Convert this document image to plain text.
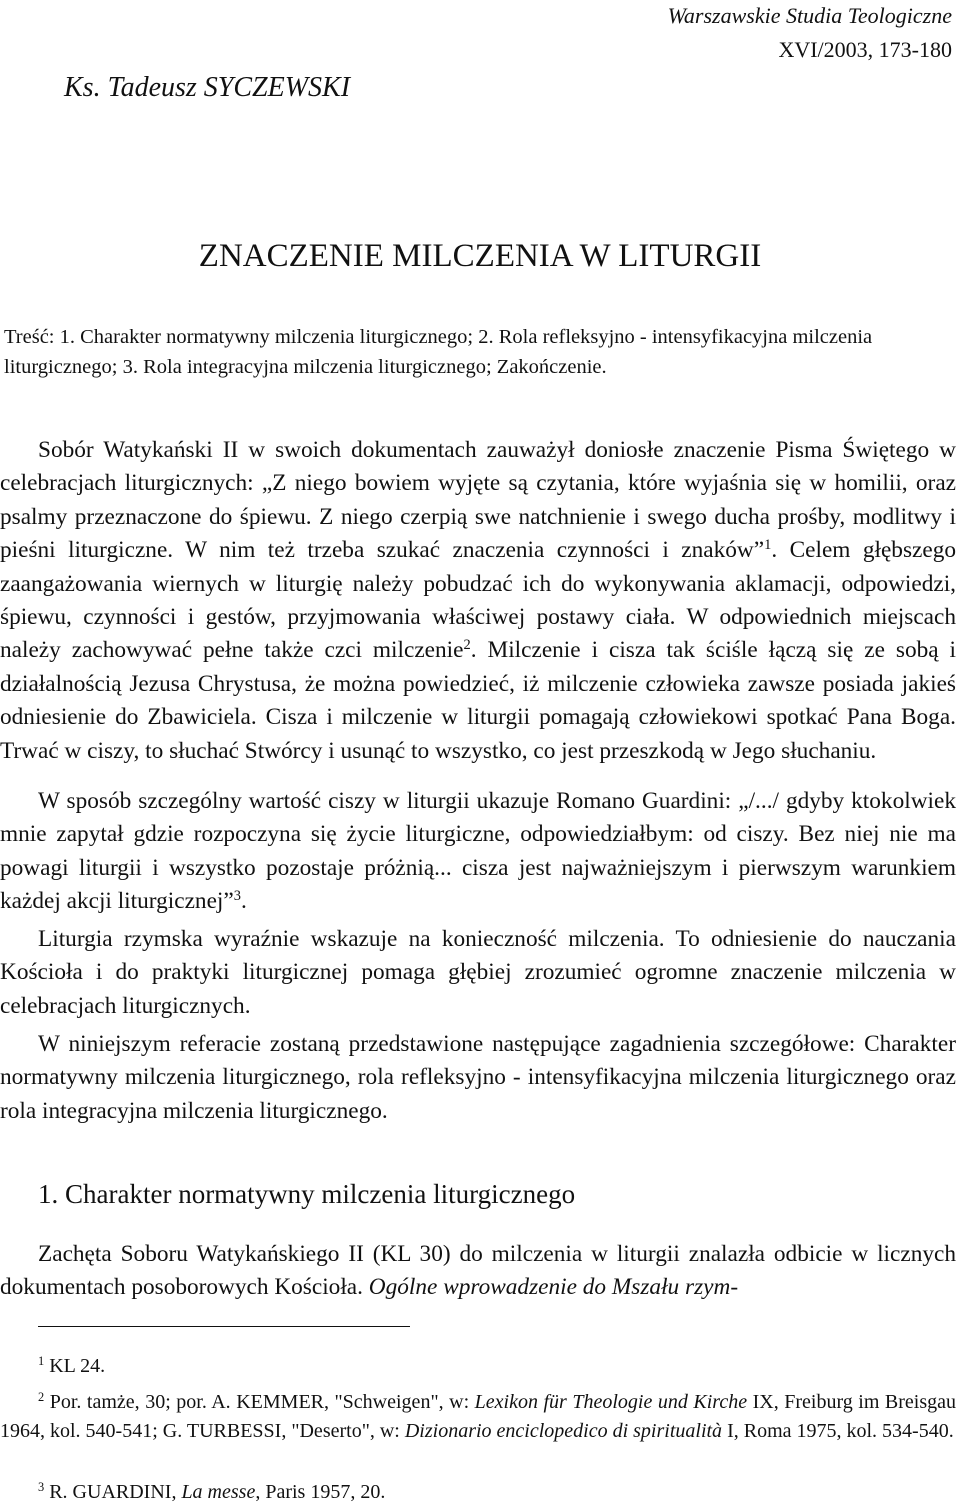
Warszawskie Studia Teologiczne
XVI/2003, 173-180
Ks. Tadeusz SYCZEWSKI
ZNACZENIE MILCZENIA W LITURGII
Treść: 1. Charakter normatywny milczenia liturgicznego; 2. Rola refleksyjno - intensyfikacyjna milczenia liturgicznego; 3. Rola integracyjna milczenia liturgicznego; Zakończenie.

Sobór Watykański II w swoich dokumentach zauważył doniosłe znaczenie Pisma Świętego w celebracjach liturgicznych: „Z niego bowiem wyjęte są czytania, które wyjaśnia się w homilii, oraz psalmy przeznaczone do śpiewu. Z niego czerpią swe natchnienie i swego ducha prośby, modlitwy i pieśni liturgiczne. W nim też trzeba szukać znaczenia czynności i znaków”$^1$. Celem głębszego zaangażowania wiernych w liturgię należy pobudzać ich do wykonywania aklamacji, odpowiedzi, śpiewu, czynności i gestów, przyjmowania właściwej postawy ciała. W odpowiednich miejscach należy zachowywać pełne także czci milczenie$^2$. Milczenie i cisza tak ściśle łączą się ze sobą i działalnością Jezusa Chrystusa, że można powiedzieć, iż milczenie człowieka zawsze posiada jakieś odniesienie do Zbawiciela. Cisza i milczenie w liturgii pomagają człowiekowi spotkać Pana Boga. Trwać w ciszy, to słuchać Stwórcy i usunąć to wszystko, co jest przeszkodą w Jego słuchaniu.

W sposób szczególny wartość ciszy w liturgii ukazuje Romano Guardini: „/.../ gdyby ktokolwiek mnie zapytał gdzie rozpoczyna się życie liturgiczne, odpowiedziałbym: od ciszy. Bez niej nie ma powagi liturgii i wszystko pozostaje próżnią... cisza jest najważniejszym i pierwszym warunkiem każdej akcji liturgicznej”$^3$.

Liturgia rzymska wyraźnie wskazuje na konieczność milczenia. To odniesienie do nauczania Kościoła i do praktyki liturgicznej pomaga głębiej zrozumieć ogromne znaczenie milczenia w celebracjach liturgicznych.

W niniejszym referacie zostaną przedstawione następujące zagadnienia szczegółowe: Charakter normatywny milczenia liturgicznego, rola refleksyjno - intensyfikacyjna milczenia liturgicznego oraz rola integracyjna milczenia liturgicznego.

1. Charakter normatywny milczenia liturgicznego

Zachęta Soboru Watykańskiego II (KL 30) do milczenia w liturgii znalazła odbicie w licznych dokumentach posoborowych Kościoła. Ogólne wprowadzenie do Mszału rzym-

$^1$ KL 24.

$^2$ Por. tamże, 30; por. A. KEMMER, "Schweigen", w: Lexikon für Theologie und Kirche IX, Freiburg im Breisgau 1964, kol. 540-541; G. TURBESSI, "Deserto", w: Dizionario enciclopedico di spiritualità I, Roma 1975, kol. 534-540.

$^3$ R. GUARDINI, La messe, Paris 1957, 20.
